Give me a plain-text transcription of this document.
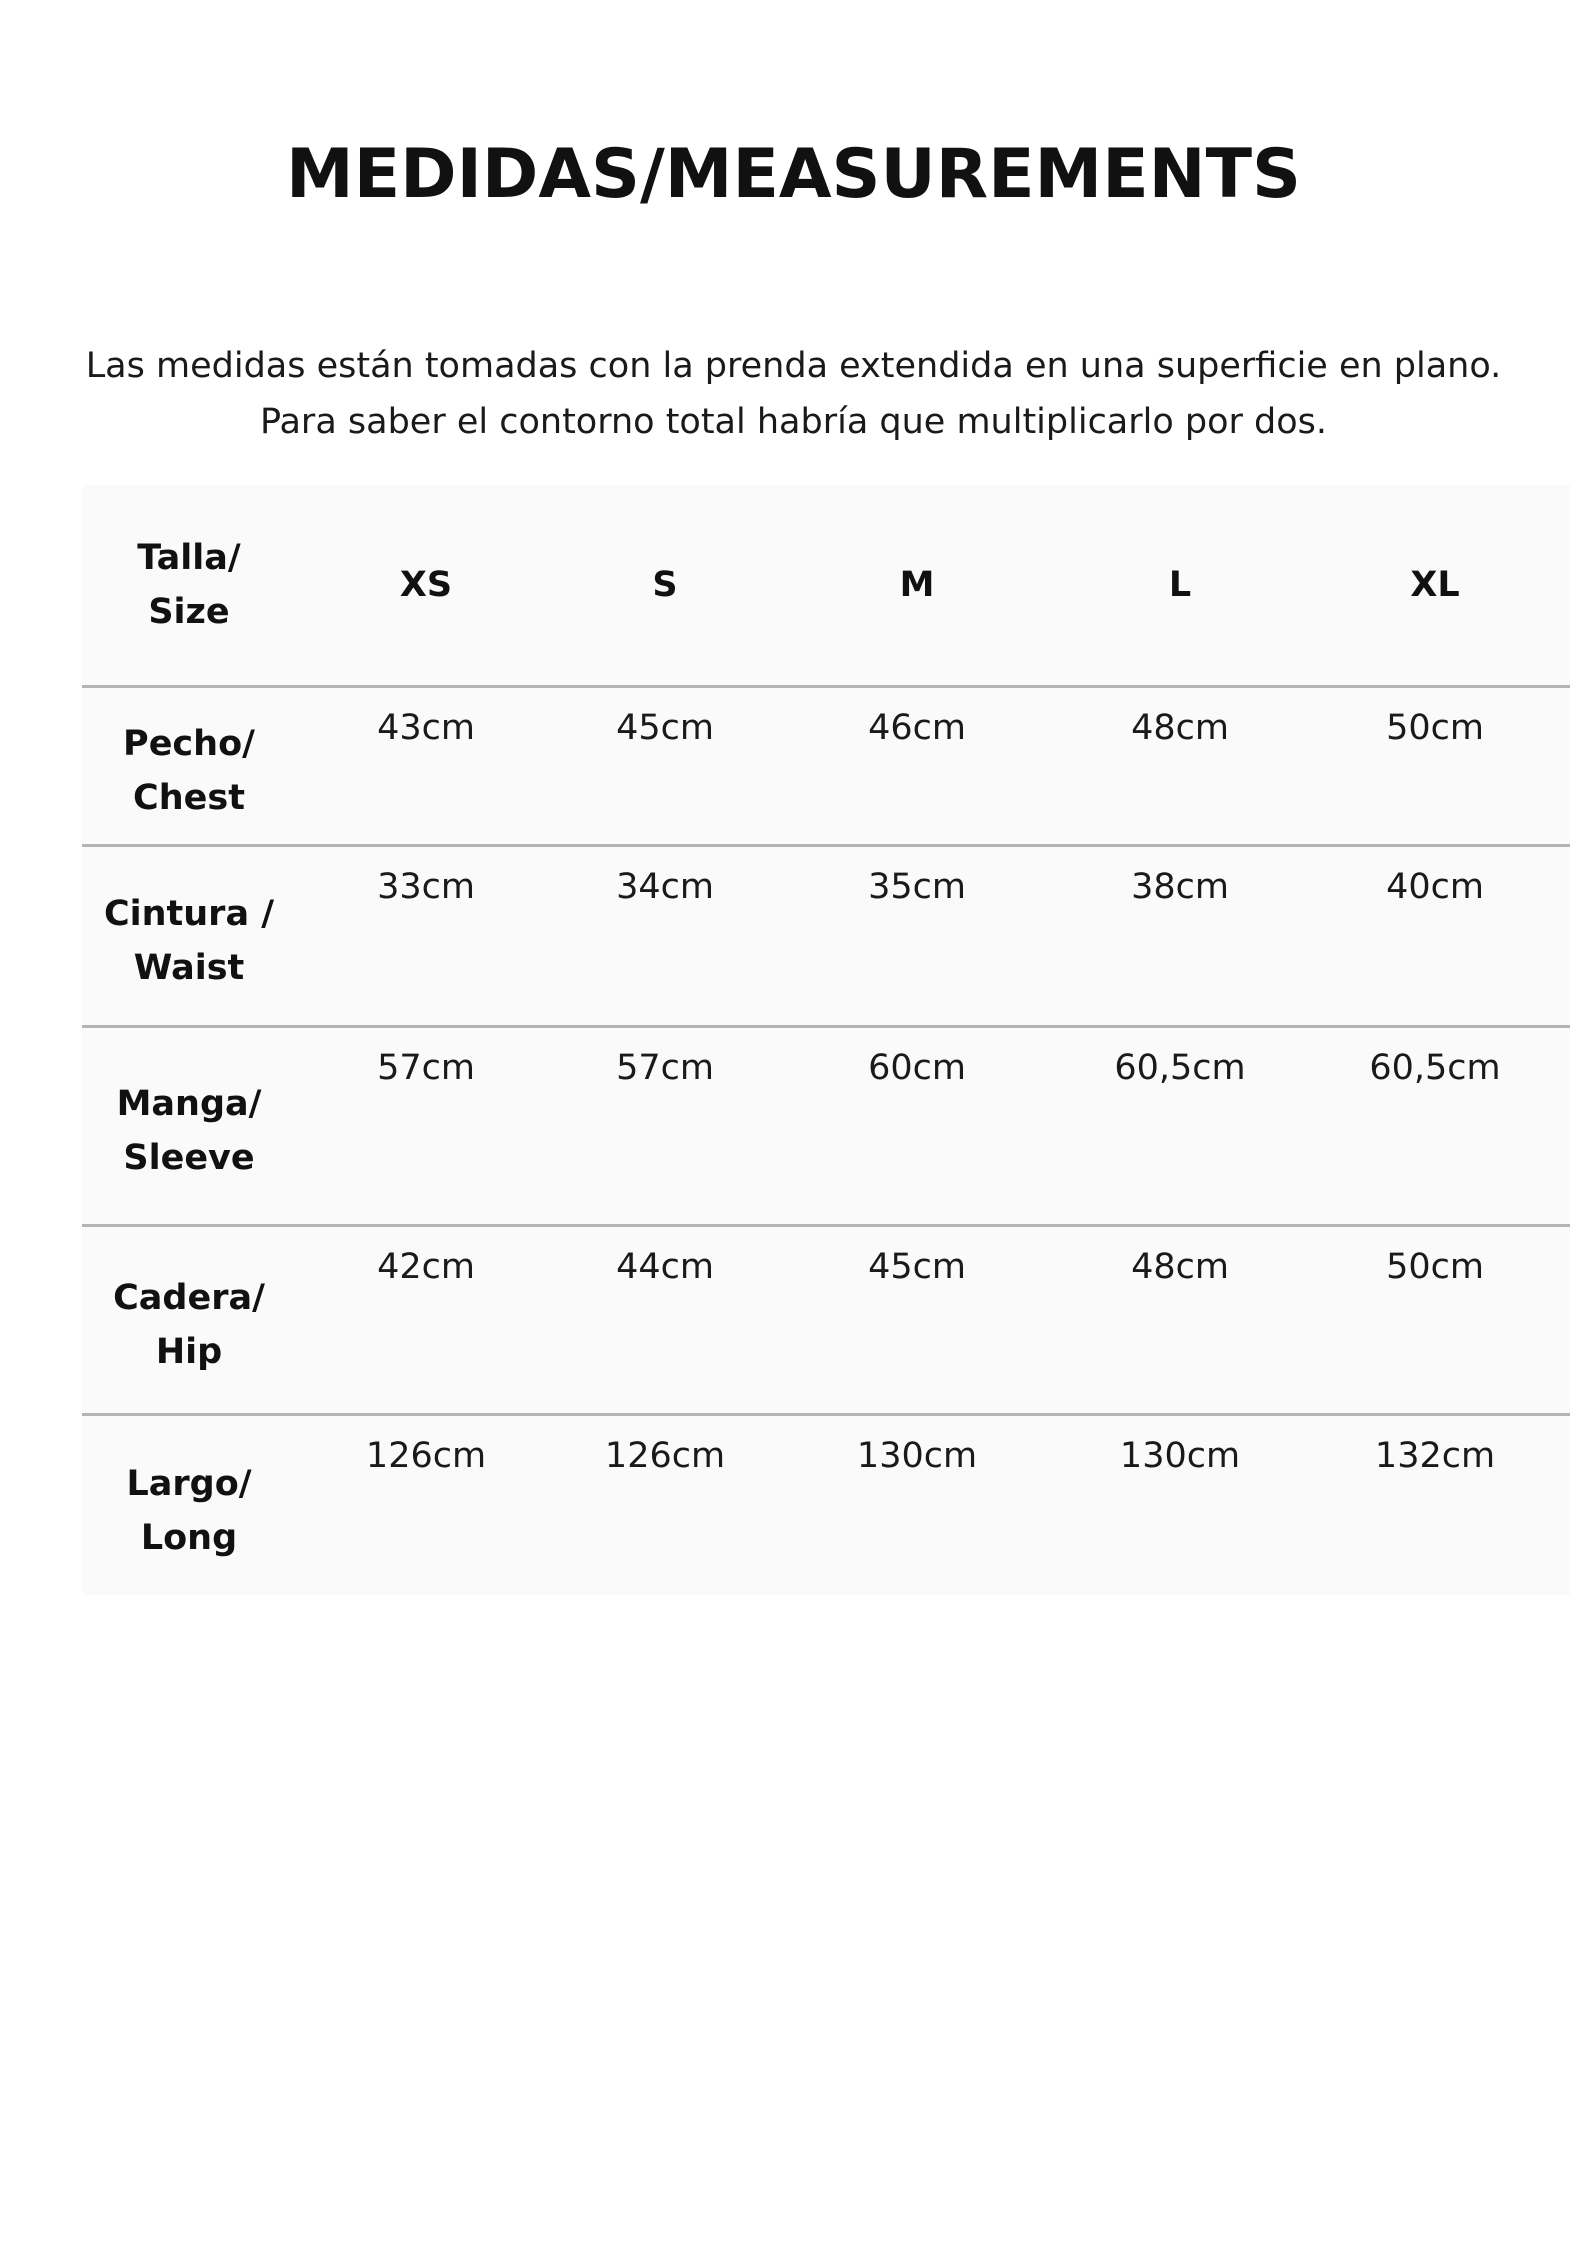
MEDIDAS/MEASUREMENTS
Las medidas están tomadas con la prenda extendida en una superficie en plano.
Para saber el contorno total habría que multiplicarlo por dos.
Talla/
Size	XS	S	M	L	XL

Pecho/
Chest	43cm	45cm	46cm	48cm	50cm

Cintura /
Waist	33cm	34cm	35cm	38cm	40cm

Manga/
Sleeve	57cm	57cm	60cm	60,5cm	60,5cm

Cadera/
Hip	42cm	44cm	45cm	48cm	50cm

Largo/
Long	126cm	126cm	130cm	130cm	132cm
